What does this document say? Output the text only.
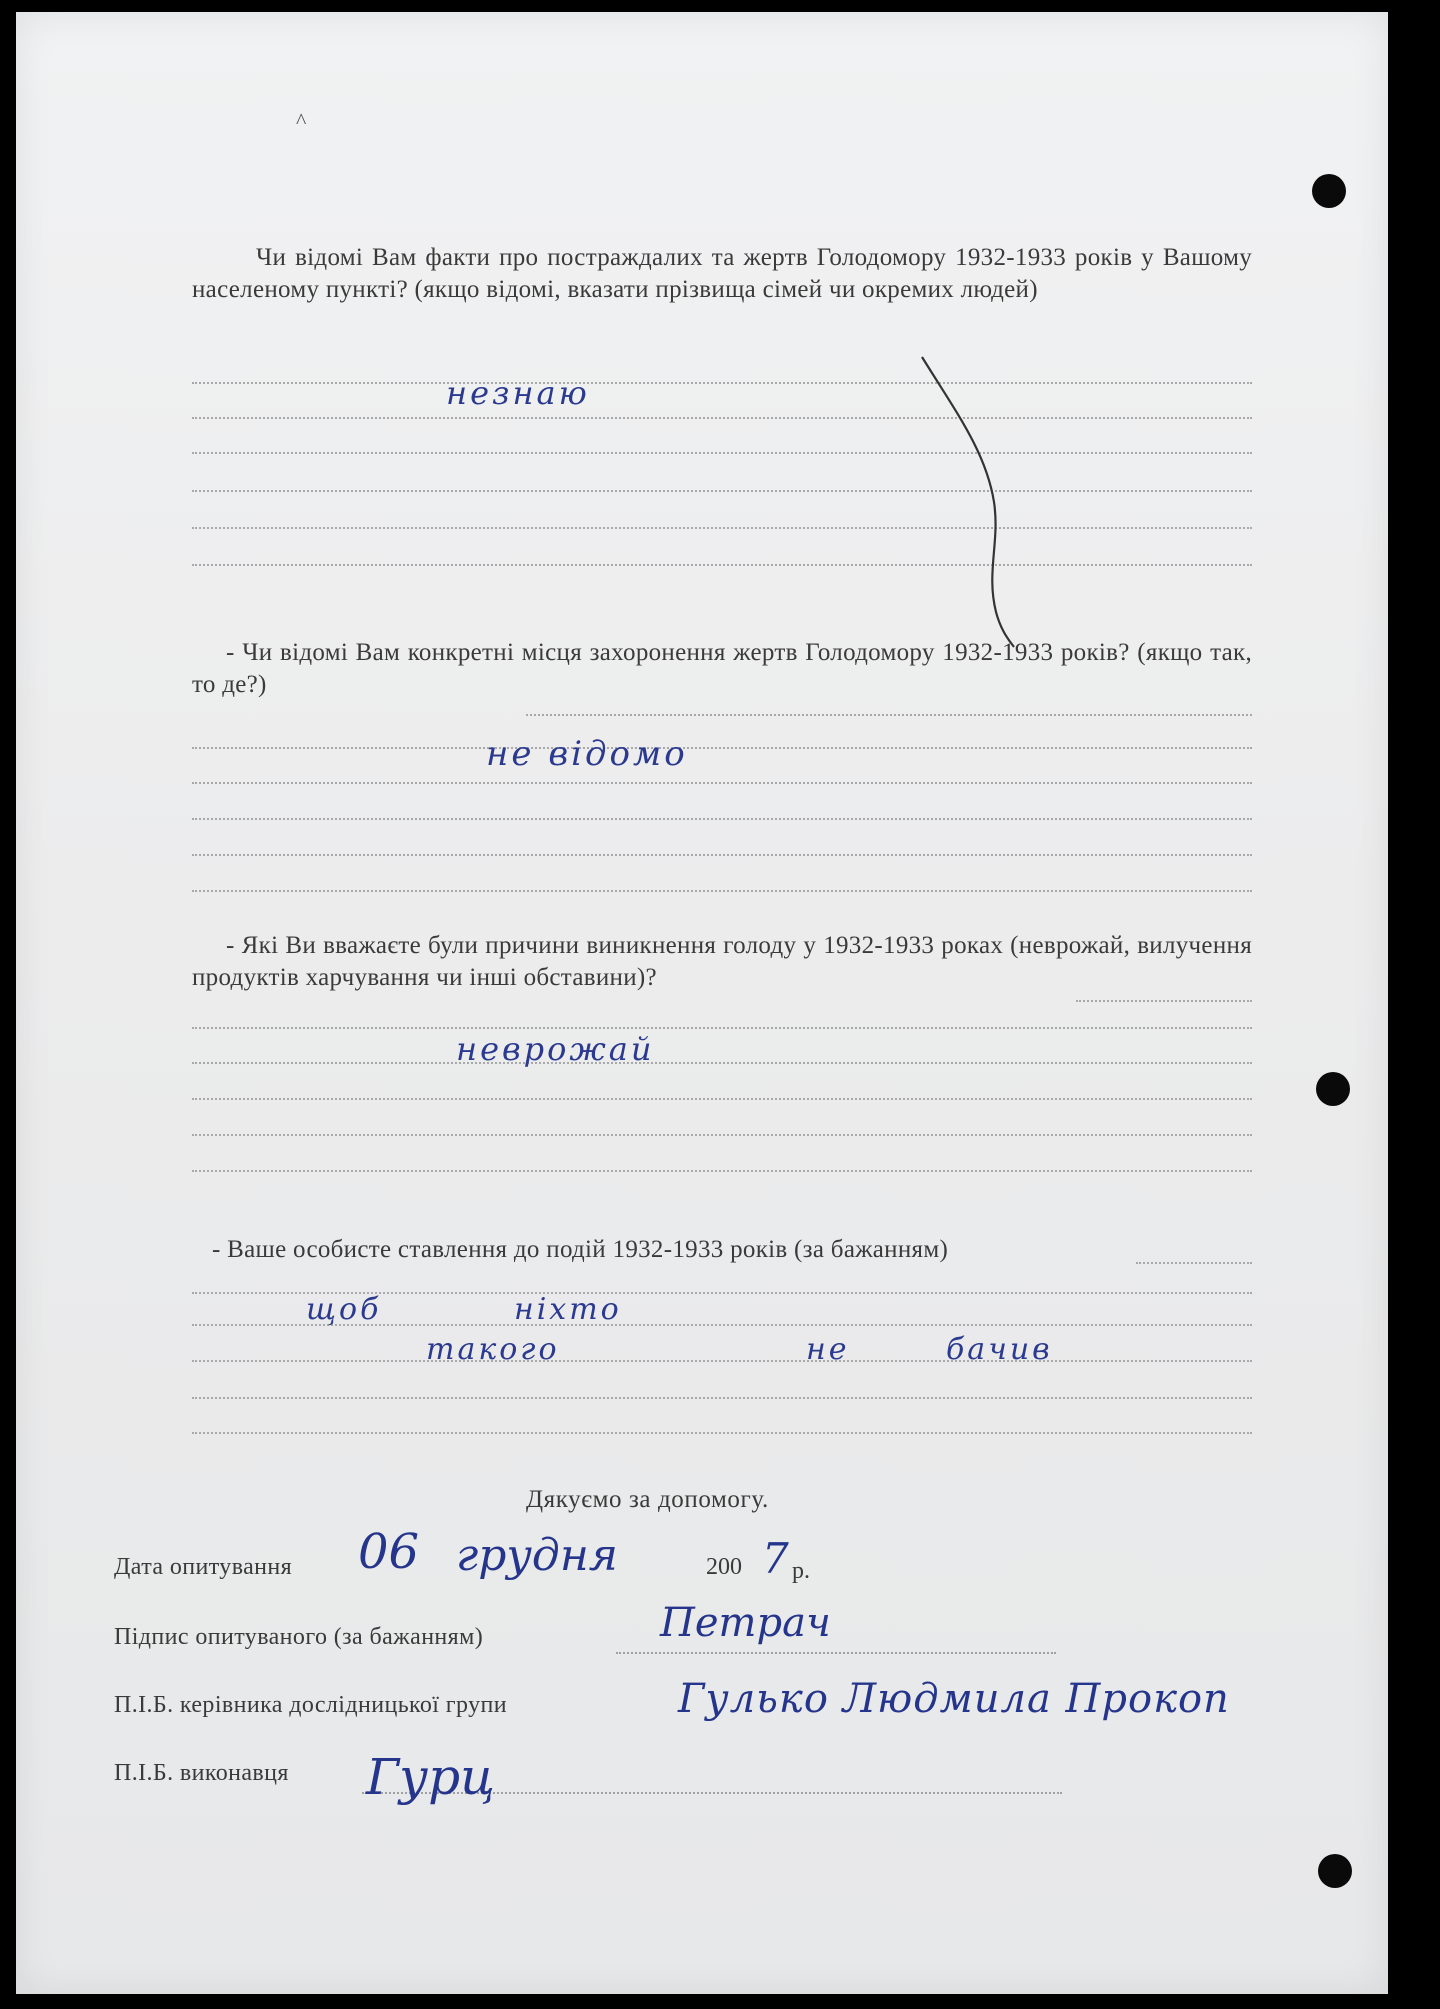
^
Чи відомі Вам факти про постраждалих та жертв Голодомору 1932-1933 років у Вашому населеному пункті? (якщо відомі, вказати прізвища сімей чи окремих людей)
незнаю
- Чи відомі Вам конкретні місця захоронення жертв Голодомору 1932-1933 років? (якщо так, то де?)
не відомо
- Які Ви вважаєте були причини виникнення голоду у 1932-1933 роках (неврожай, вилучення продуктів харчування чи інші обставини)?
неврожай
- Ваше особисте ставлення до подій 1932-1933 років (за бажанням)
щоб ніхто
такого	не	бачив
Дякуємо за допомогу.
Дата опитування 06 грудня	200 7 р.
Підпис опитуваного (за бажанням)	Петрач
П.І.Б. керівника дослідницької групи	Гулько Людмила Прокоп
П.І.Б. виконавця Гурц
